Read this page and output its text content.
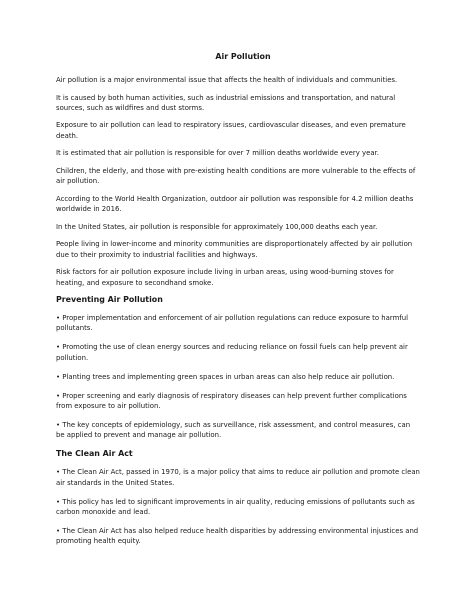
Air Pollution

Air pollution is a major environmental issue that affects the health of individuals and communities.

It is caused by both human activities, such as industrial emissions and transportation, and natural sources, such as wildfires and dust storms.

Exposure to air pollution can lead to respiratory issues, cardiovascular diseases, and even premature death.

It is estimated that air pollution is responsible for over 7 million deaths worldwide every year.

Children, the elderly, and those with pre-existing health conditions are more vulnerable to the effects of air pollution.

According to the World Health Organization, outdoor air pollution was responsible for 4.2 million deaths worldwide in 2016.

In the United States, air pollution is responsible for approximately 100,000 deaths each year.

People living in lower-income and minority communities are disproportionately affected by air pollution due to their proximity to industrial facilities and highways.

Risk factors for air pollution exposure include living in urban areas, using wood-burning stoves for heating, and exposure to secondhand smoke.

Preventing Air Pollution

• Proper implementation and enforcement of air pollution regulations can reduce exposure to harmful pollutants.

• Promoting the use of clean energy sources and reducing reliance on fossil fuels can help prevent air pollution.

• Planting trees and implementing green spaces in urban areas can also help reduce air pollution.

• Proper screening and early diagnosis of respiratory diseases can help prevent further complications from exposure to air pollution.

• The key concepts of epidemiology, such as surveillance, risk assessment, and control measures, can be applied to prevent and manage air pollution.

The Clean Air Act

• The Clean Air Act, passed in 1970, is a major policy that aims to reduce air pollution and promote clean air standards in the United States.

• This policy has led to significant improvements in air quality, reducing emissions of pollutants such as carbon monoxide and lead.

• The Clean Air Act has also helped reduce health disparities by addressing environmental injustices and promoting health equity.
